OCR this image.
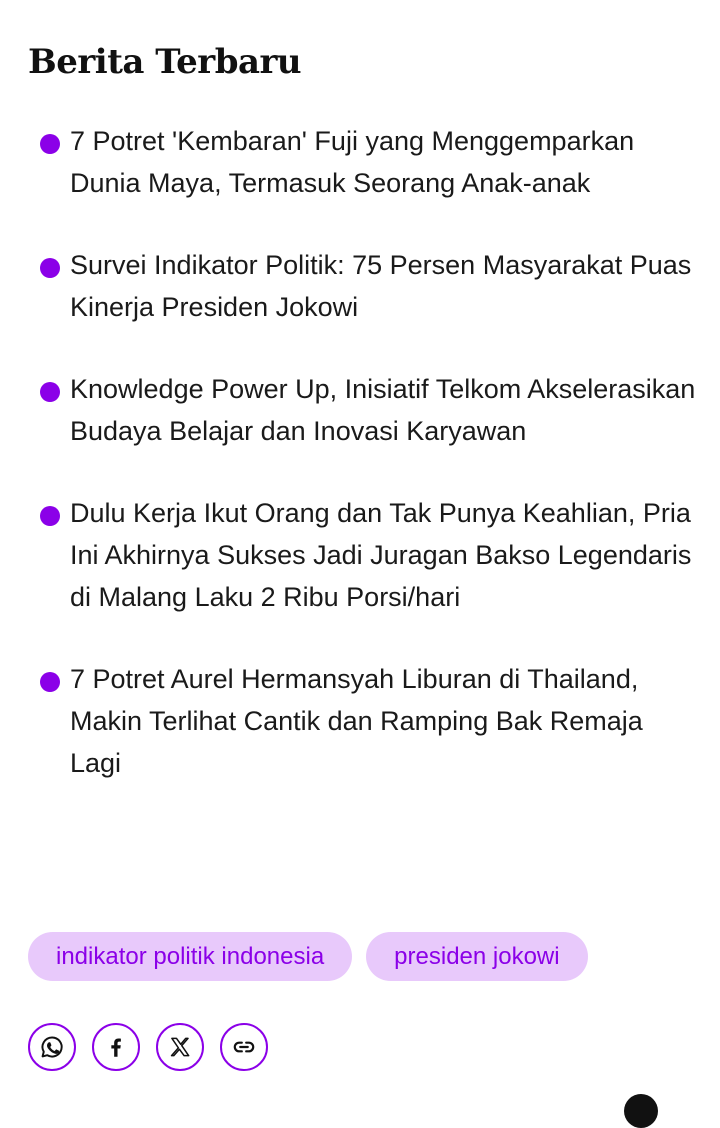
Berita Terbaru
7 Potret 'Kembaran' Fuji yang Menggemparkan Dunia Maya, Termasuk Seorang Anak-anak
Survei Indikator Politik: 75 Persen Masyarakat Puas Kinerja Presiden Jokowi
Knowledge Power Up, Inisiatif Telkom Akselerasikan Budaya Belajar dan Inovasi Karyawan
Dulu Kerja Ikut Orang dan Tak Punya Keahlian, Pria Ini Akhirnya Sukses Jadi Juragan Bakso Legendaris di Malang Laku 2 Ribu Porsi/hari
7 Potret Aurel Hermansyah Liburan di Thailand, Makin Terlihat Cantik dan Ramping Bak Remaja Lagi
indikator politik indonesia	presiden jokowi
